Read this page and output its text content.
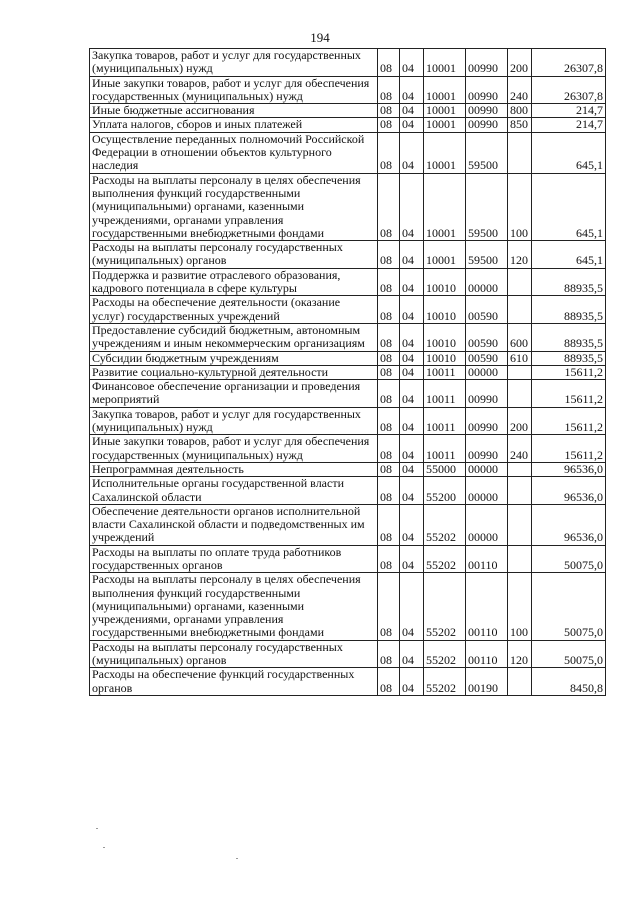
194
Закупка товаров, работ и услуг для государственных (муниципальных) нужд	08	04	10001	00990	200	26307,8
Иные закупки товаров, работ и услуг для обеспечения государственных (муниципальных) нужд	08	04	10001	00990	240	26307,8
Иные бюджетные ассигнования	08	04	10001	00990	800	214,7
Уплата налогов, сборов и иных платежей	08	04	10001	00990	850	214,7
Осуществление переданных полномочий Российской Федерации в отношении объектов культурного наследия	08	04	10001	59500		645,1
Расходы на выплаты персоналу в целях обеспечения выполнения функций государственными (муниципальными) органами, казенными учреждениями, органами управления государственными внебюджетными фондами	08	04	10001	59500	100	645,1
Расходы на выплаты персоналу государственных (муниципальных) органов	08	04	10001	59500	120	645,1
Поддержка и развитие отраслевого образования, кадрового потенциала в сфере культуры	08	04	10010	00000		88935,5
Расходы на обеспечение деятельности (оказание услуг) государственных учреждений	08	04	10010	00590		88935,5
Предоставление субсидий бюджетным, автономным учреждениям и иным некоммерческим организациям	08	04	10010	00590	600	88935,5
Субсидии бюджетным учреждениям	08	04	10010	00590	610	88935,5
Развитие социально-культурной деятельности	08	04	10011	00000		15611,2
Финансовое обеспечение организации и проведения мероприятий	08	04	10011	00990		15611,2
Закупка товаров, работ и услуг для государственных (муниципальных) нужд	08	04	10011	00990	200	15611,2
Иные закупки товаров, работ и услуг для обеспечения государственных (муниципальных) нужд	08	04	10011	00990	240	15611,2
Непрограммная деятельность	08	04	55000	00000		96536,0
Исполнительные органы государственной власти Сахалинской области	08	04	55200	00000		96536,0
Обеспечение деятельности органов исполнительной власти Сахалинской области и подведомственных им учреждений	08	04	55202	00000		96536,0
Расходы на выплаты по оплате труда работников государственных органов	08	04	55202	00110		50075,0
Расходы на выплаты персоналу в целях обеспечения выполнения функций государственными (муниципальными) органами, казенными учреждениями, органами управления государственными внебюджетными фондами	08	04	55202	00110	100	50075,0
Расходы на выплаты персоналу государственных (муниципальных) органов	08	04	55202	00110	120	50075,0
Расходы на обеспечение функций государственных органов	08	04	55202	00190		8450,8
